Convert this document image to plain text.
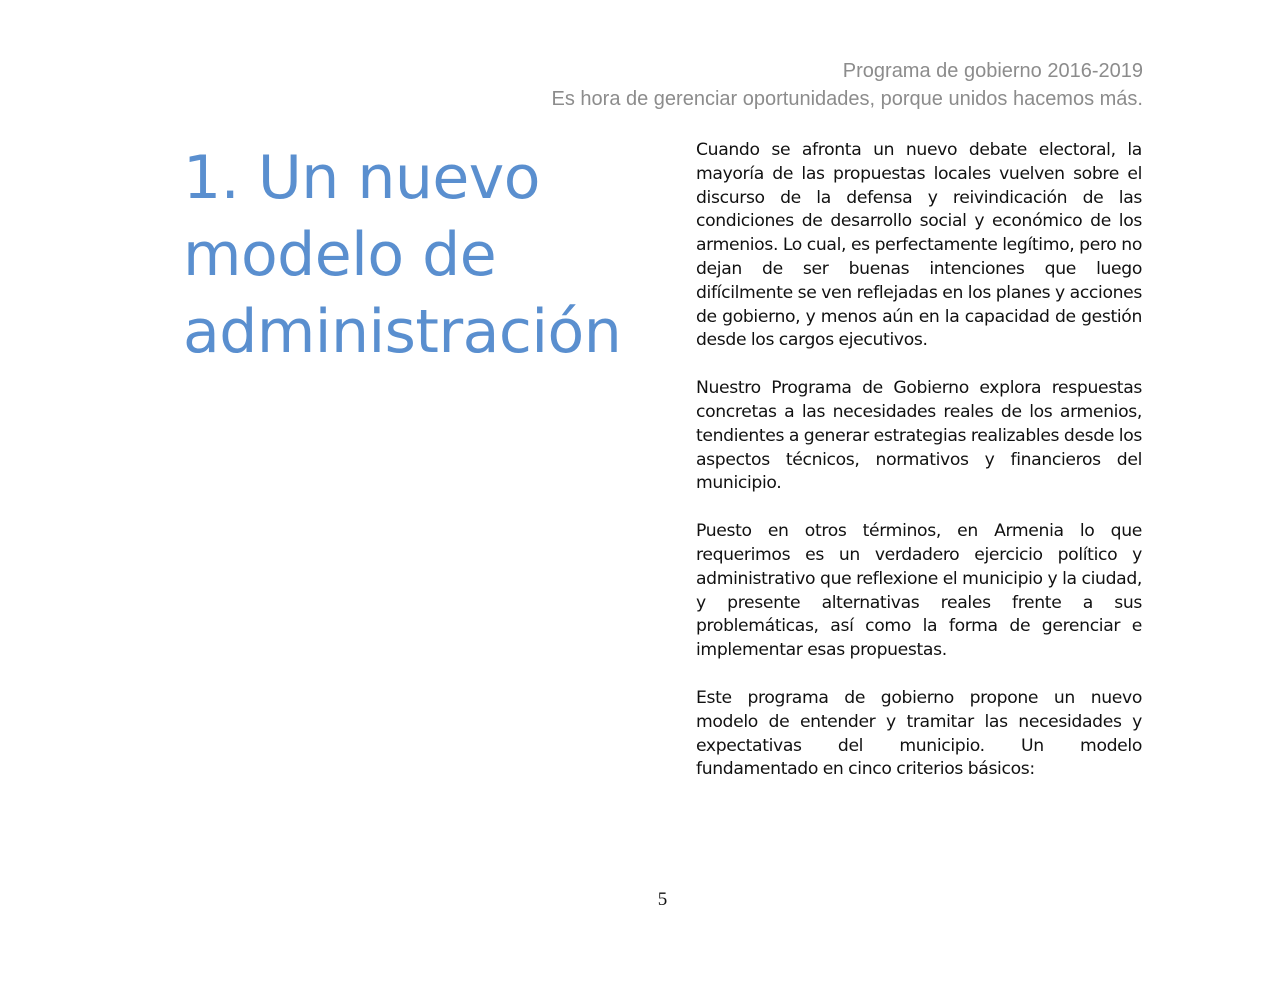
Programa de gobierno 2016-2019
Es hora de gerenciar oportunidades, porque unidos hacemos más.
1. Un nuevo modelo de administración

Cuando se afronta un nuevo debate electoral, la mayoría de las propuestas locales vuelven sobre el discurso de la defensa y reivindicación de las condiciones de desarrollo social y económico de los armenios. Lo cual, es perfectamente legítimo, pero no dejan de ser buenas intenciones que luego difícilmente se ven reflejadas en los planes y acciones de gobierno, y menos aún en la capacidad de gestión desde los cargos ejecutivos.

Nuestro Programa de Gobierno explora respuestas concretas a las necesidades reales de los armenios, tendientes a generar estrategias realizables desde los aspectos técnicos, normativos y financieros del municipio.

Puesto en otros términos, en Armenia lo que requerimos es un verdadero ejercicio político y administrativo que reflexione el municipio y la ciudad, y presente alternativas reales frente a sus problemáticas, así como la forma de gerenciar e implementar esas propuestas.

Este programa de gobierno propone un nuevo modelo de entender y tramitar las necesidades y expectativas del municipio. Un modelo fundamentado en cinco criterios básicos:

5
